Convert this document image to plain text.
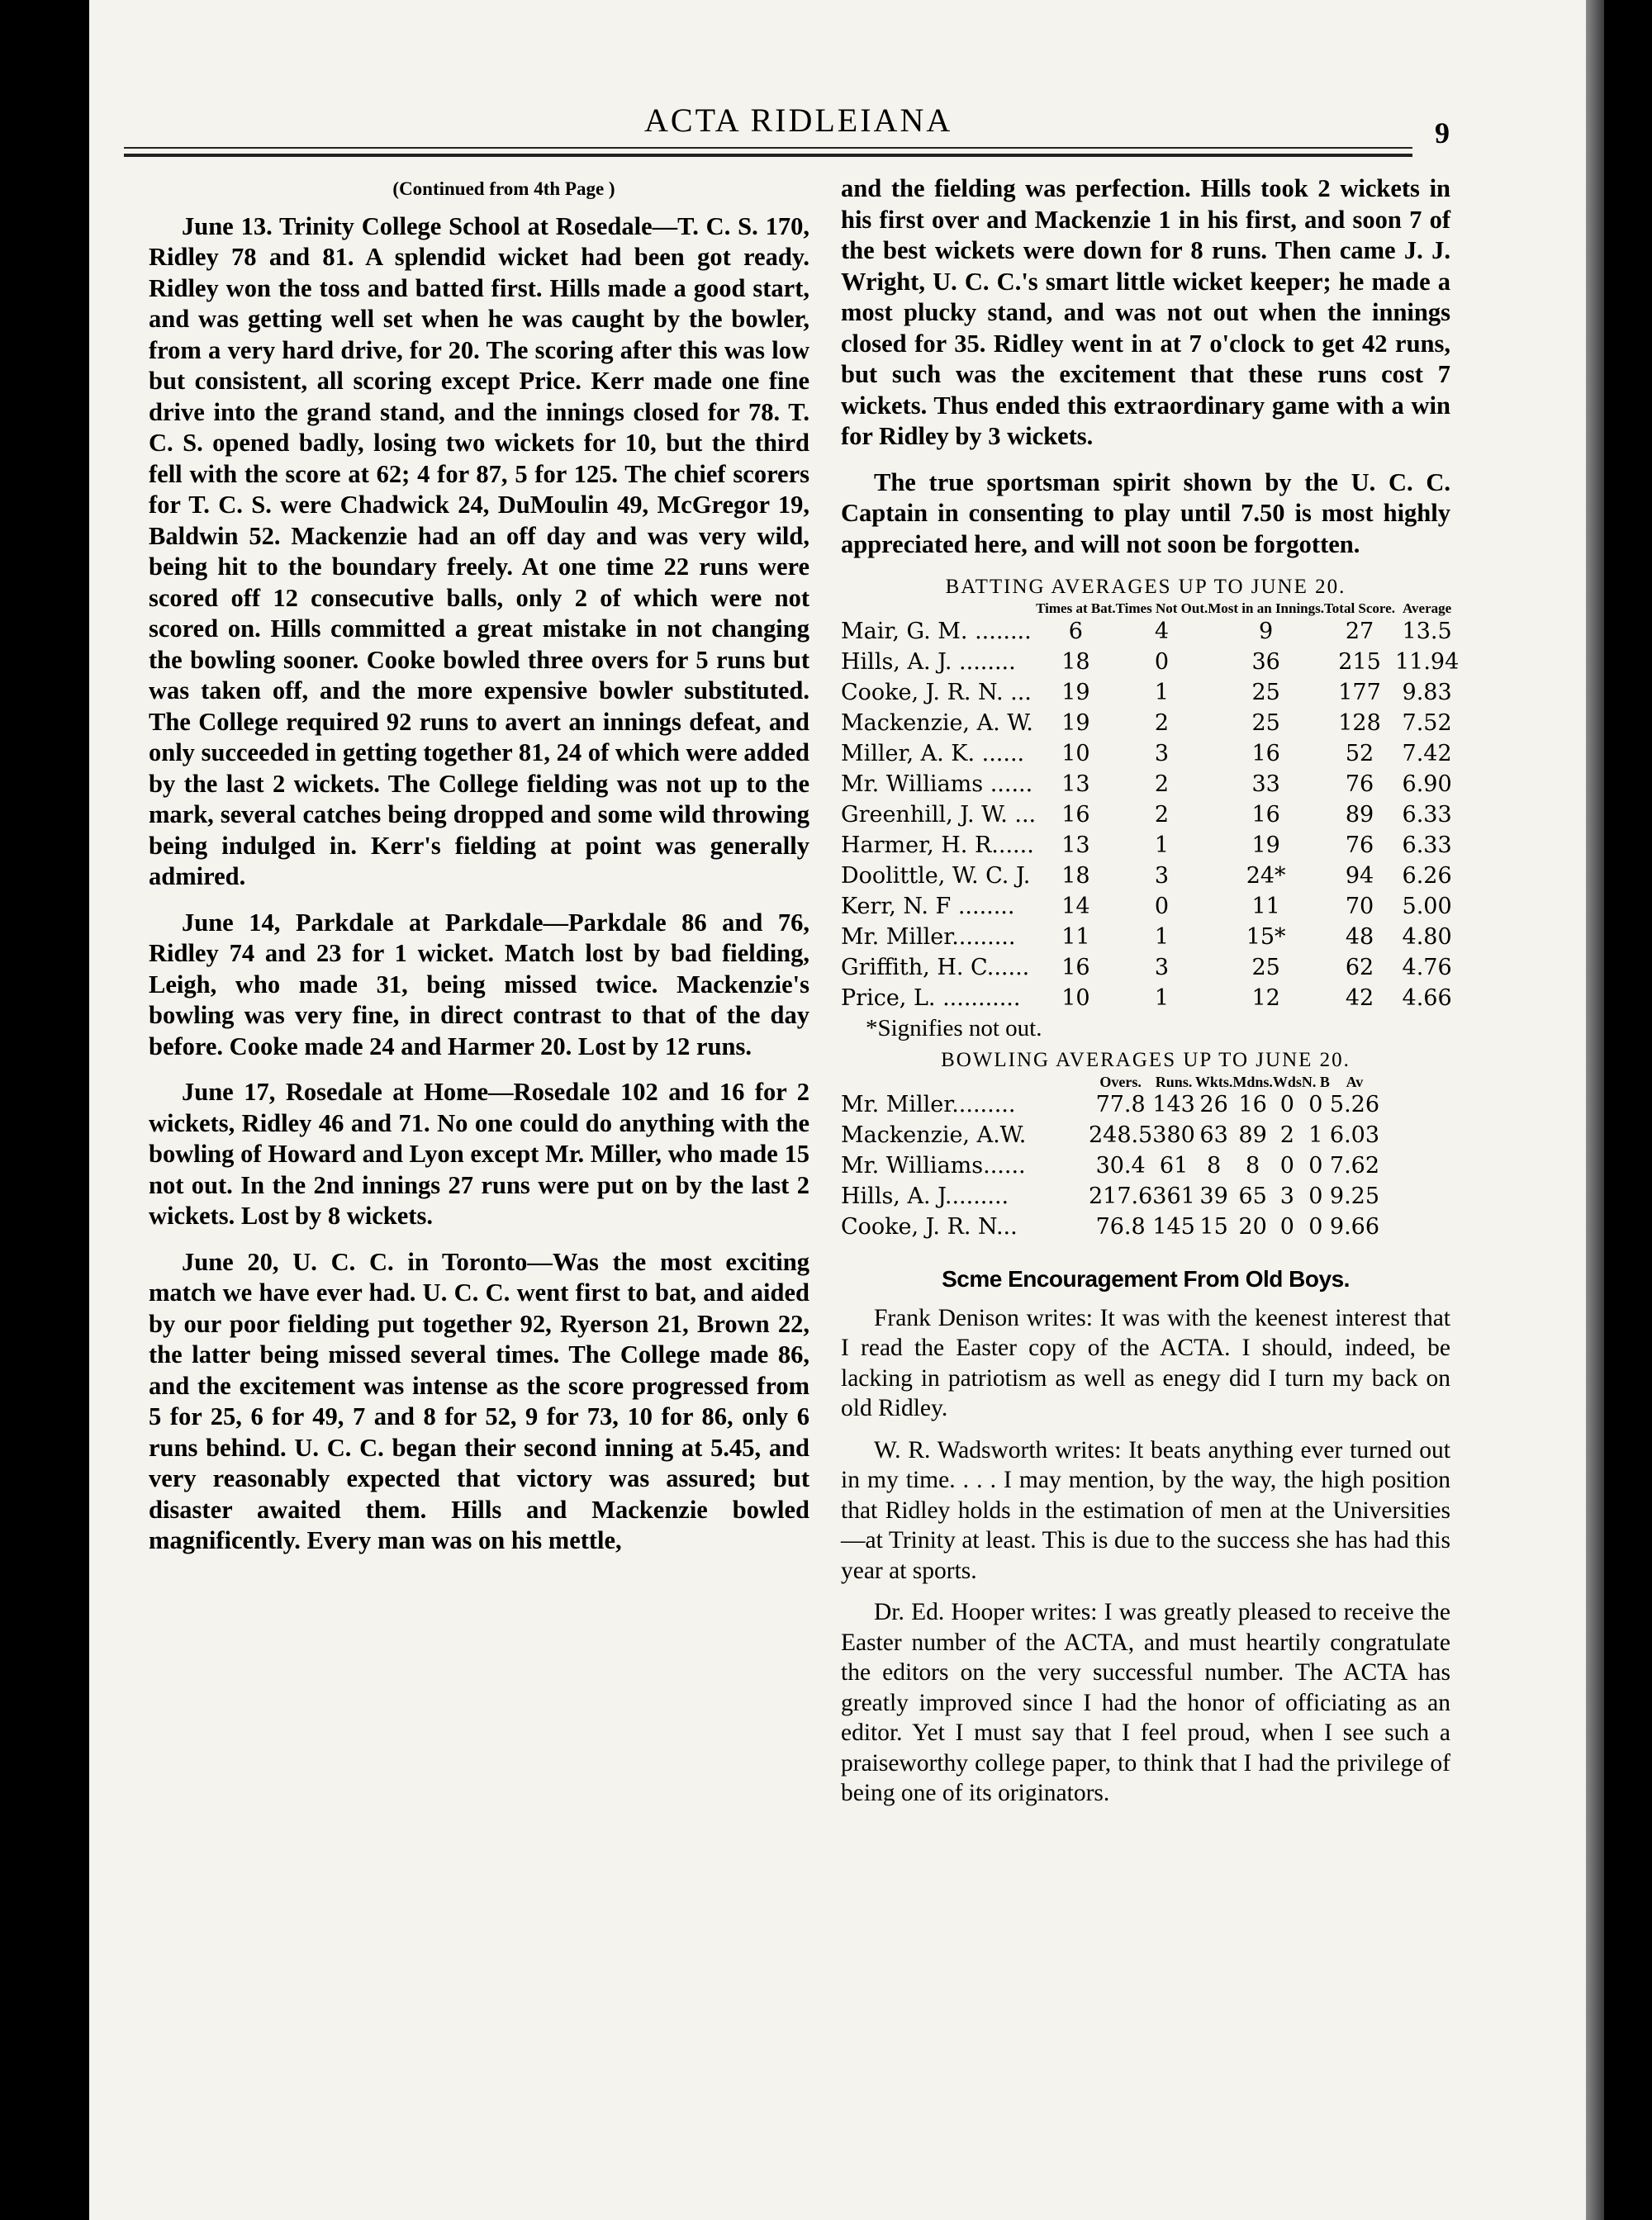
ACTA RIDLEIANA	9
(Continued from 4th Page )

June 13. Trinity College School at Rosedale—T. C. S. 170, Ridley 78 and 81. A splendid wicket had been got ready. Ridley won the toss and batted first. Hills made a good start, and was getting well set when he was caught by the bowler, from a very hard drive, for 20. The scoring after this was low but consistent, all scoring except Price. Kerr made one fine drive into the grand stand, and the innings closed for 78. T. C. S. opened badly, losing two wickets for 10, but the third fell with the score at 62; 4 for 87, 5 for 125. The chief scorers for T. C. S. were Chadwick 24, DuMoulin 49, McGregor 19, Baldwin 52. Mackenzie had an off day and was very wild, being hit to the boundary freely. At one time 22 runs were scored off 12 consecutive balls, only 2 of which were not scored on. Hills committed a great mistake in not changing the bowling sooner. Cooke bowled three overs for 5 runs but was taken off, and the more expensive bowler substituted. The College required 92 runs to avert an innings defeat, and only succeeded in getting together 81, 24 of which were added by the last 2 wickets. The College fielding was not up to the mark, several catches being dropped and some wild throwing being indulged in. Kerr's fielding at point was generally admired.

June 14, Parkdale at Parkdale—Parkdale 86 and 76, Ridley 74 and 23 for 1 wicket. Match lost by bad fielding, Leigh, who made 31, being missed twice. Mackenzie's bowling was very fine, in direct contrast to that of the day before. Cooke made 24 and Harmer 20. Lost by 12 runs.

June 17, Rosedale at Home—Rosedale 102 and 16 for 2 wickets, Ridley 46 and 71. No one could do anything with the bowling of Howard and Lyon except Mr. Miller, who made 15 not out. In the 2nd innings 27 runs were put on by the last 2 wickets. Lost by 8 wickets.

June 20, U. C. C. in Toronto—Was the most exciting match we have ever had. U. C. C. went first to bat, and aided by our poor fielding put together 92, Ryerson 21, Brown 22, the latter being missed several times. The College made 86, and the excitement was intense as the score progressed from 5 for 25, 6 for 49, 7 and 8 for 52, 9 for 73, 10 for 86, only 6 runs behind. U. C. C. began their second inning at 5.45, and very reasonably expected that victory was assured; but disaster awaited them. Hills and Mackenzie bowled magnificently. Every man was on his mettle,

and the fielding was perfection. Hills took 2 wickets in his first over and Mackenzie 1 in his first, and soon 7 of the best wickets were down for 8 runs. Then came J. J. Wright, U. C. C.'s smart little wicket keeper; he made a most plucky stand, and was not out when the innings closed for 35. Ridley went in at 7 o'clock to get 42 runs, but such was the excitement that these runs cost 7 wickets. Thus ended this extraordinary game with a win for Ridley by 3 wickets.

The true sportsman spirit shown by the U. C. C. Captain in consenting to play until 7.50 is most highly appreciated here, and will not soon be forgotten.

BATTING AVERAGES UP TO JUNE 20.
	Times at Bat.	Times Not Out.	Most in an Innings.	Total Score.	Average
Mair, G. M. ........	6	4	9	27	13.5
Hills, A. J. ........	18	0	36	215	11.94
Cooke, J. R. N. ...	19	1	25	177	9.83
Mackenzie, A. W.	19	2	25	128	7.52
Miller, A. K. ......	10	3	16	52	7.42
Mr. Williams ......	13	2	33	76	6.90
Greenhill, J. W. ...	16	2	16	89	6.33
Harmer, H. R......	13	1	19	76	6.33
Doolittle, W. C. J.	18	3	24*	94	6.26
Kerr, N. F ........	14	0	11	70	5.00
Mr. Miller.........	11	1	15*	48	4.80
Griffith, H. C......	16	3	25	62	4.76
Price, L. ...........	10	1	12	42	4.66
*Signifies not out.
BOWLING AVERAGES UP TO JUNE 20.
	Overs.	Runs.	Wkts.	Mdns.	Wds	N. B	Av
Mr. Miller.........	77.8	143	26	16	0	0	5.26
Mackenzie, A.W.	248.5	380	63	89	2	1	6.03
Mr. Williams......	30.4	61	8	8	0	0	7.62
Hills, A. J.........	217.6	361	39	65	3	0	9.25
Cooke, J. R. N...	76.8	145	15	20	0	0	9.66
Scme Encouragement From Old Boys.

Frank Denison writes: It was with the keenest interest that I read the Easter copy of the ACTA. I should, indeed, be lacking in patriotism as well as enegy did I turn my back on old Ridley.

W. R. Wadsworth writes: It beats anything ever turned out in my time. . . . I may mention, by the way, the high position that Ridley holds in the estimation of men at the Universities—at Trinity at least. This is due to the success she has had this year at sports.

Dr. Ed. Hooper writes: I was greatly pleased to receive the Easter number of the ACTA, and must heartily congratulate the editors on the very successful number. The ACTA has greatly improved since I had the honor of officiating as an editor. Yet I must say that I feel proud, when I see such a praiseworthy college paper, to think that I had the privilege of being one of its originators.
